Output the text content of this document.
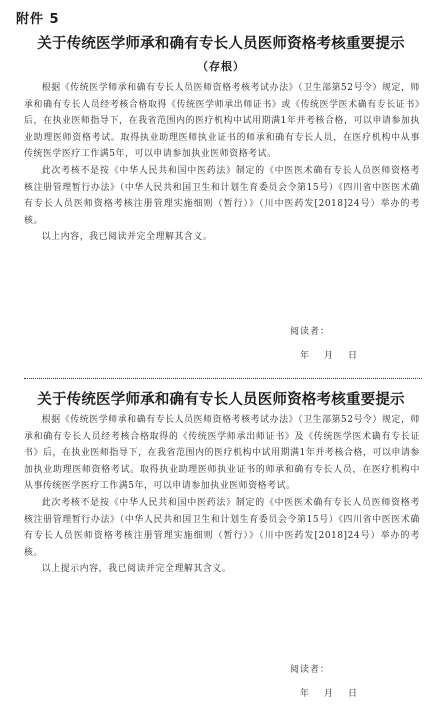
附件 5
关于传统医学师承和确有专长人员医师资格考核重要提示
（存根）

根据《传统医学师承和确有专长人员医师资格考核考试办法》（卫生部第52号令）规定，师承和确有专长人员经考核合格取得《传统医学师承出师证书》或《传统医学医术确有专长证书》后，在执业医师指导下，在我省范围内的医疗机构中试用期满1年并考核合格，可以申请参加执业助理医师资格考试。取得执业助理医师执业证书的师承和确有专长人员，在医疗机构中从事传统医学医疗工作满5年，可以申请参加执业医师资格考试。

此次考核不是按《中华人民共和国中医药法》制定的《中医医术确有专长人员医师资格考核注册管理暂行办法》（中华人民共和国卫生和计划生育委员会令第15号）《四川省中医医术确有专长人员医师资格考核注册管理实施细则（暂行）》（川中医药发[2018]24号）举办的考核。

以上内容，我已阅读并完全理解其含义。

阅读者：
年 月 日
关于传统医学师承和确有专长人员医师资格考核重要提示

根据《传统医学师承和确有专长人员医师资格考核考试办法》（卫生部第52号令）规定，师承和确有专长人员经考核合格取得的《传统医学师承出师证书》及《传统医学医术确有专长证书》后，在执业医师指导下，在我省范围内的医疗机构中试用期满1年并考核合格，可以申请参加执业助理医师资格考试。取得执业助理医师执业证书的师承和确有专长人员，在医疗机构中从事传统医学医疗工作满5年，可以申请参加执业医师资格考试。

此次考核不是按《中华人民共和国中医药法》制定的《中医医术确有专长人员医师资格考核注册管理暂行办法》（中华人民共和国卫生和计划生育委员会令第15号）《四川省中医医术确有专长人员医师资格考核注册管理实施细则（暂行）》（川中医药发[2018]24号）举办的考核。

以上提示内容，我已阅读并完全理解其含义。

阅读者：
年 月 日
